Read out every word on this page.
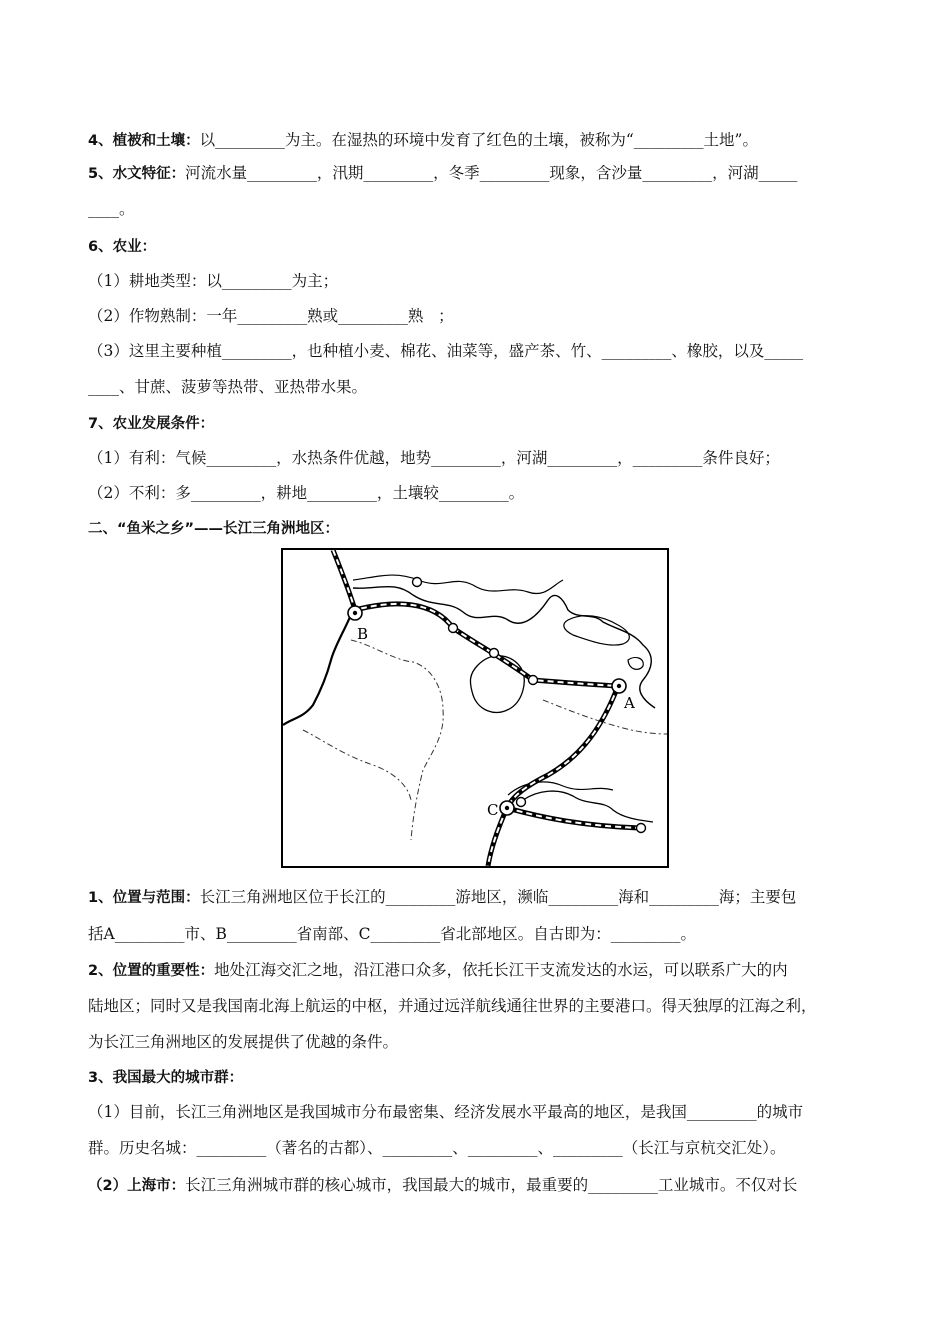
4、植被和土壤：以_________为主。在湿热的环境中发育了红色的土壤，被称为“_________土地”。
5、水文特征：河流水量_________，汛期_________，冬季_________现象，含沙量_________，河湖_____
____。
6、农业：
（1）耕地类型：以_________为主；
（2）作物熟制：一年_________熟或_________熟   ；
（3）这里主要种植_________，也种植小麦、棉花、油菜等，盛产茶、竹、_________、橡胶，以及_____
____、甘蔗、菠萝等热带、亚热带水果。
7、农业发展条件：
（1）有利：气候_________，水热条件优越，地势_________，河湖_________，_________条件良好；
（2）不利：多_________，耕地_________，土壤较_________。
二、“鱼米之乡”——长江三角洲地区：
B
A
C
1、位置与范围：长江三角洲地区位于长江的_________游地区，濒临_________海和_________海；主要包
括A_________市、B_________省南部、C_________省北部地区。自古即为：_________。
2、位置的重要性：地处江海交汇之地，沿江港口众多，依托长江干支流发达的水运，可以联系广大的内
陆地区；同时又是我国南北海上航运的中枢，并通过远洋航线通往世界的主要港口。得天独厚的江海之利，
为长江三角洲地区的发展提供了优越的条件。
3、我国最大的城市群：
（1）目前，长江三角洲地区是我国城市分布最密集、经济发展水平最高的地区，是我国_________的城市
群。历史名城：_________（著名的古都）、_________、_________、_________（长江与京杭交汇处）。
（2）上海市：长江三角洲城市群的核心城市，我国最大的城市，最重要的_________工业城市。不仅对长
